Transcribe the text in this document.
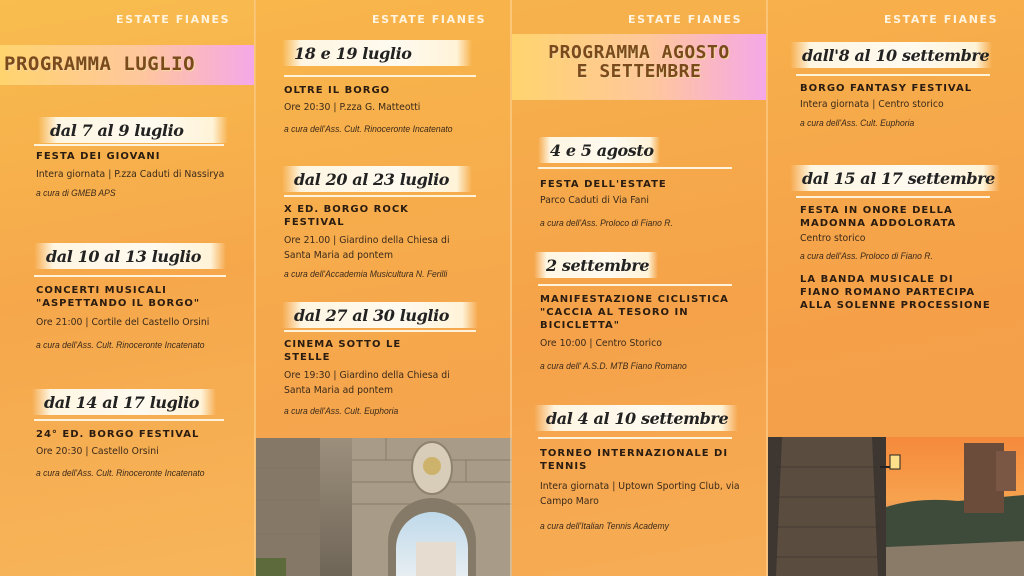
ESTATE FIANES
PROGRAMMA LUGLIO
dal 7 al 9 luglio
FESTA DEI GIOVANI
Intera giornata | P.zza Caduti di Nassirya
a cura di GMEB APS
dal 10 al 13 luglio
CONCERTI MUSICALI "ASPETTANDO IL BORGO"
Ore 21:00 | Cortile del Castello Orsini
a cura dell'Ass. Cult. Rinoceronte Incatenato
dal 14 al 17 luglio
24° ED. BORGO FESTIVAL
Ore 20:30 | Castello Orsini
a cura dell'Ass. Cult. Rinoceronte Incatenato
ESTATE FIANES
18 e 19 luglio
OLTRE IL BORGO
Ore 20:30 | P.zza G. Matteotti
a cura dell'Ass. Cult. Rinoceronte Incatenato
dal 20 al 23 luglio
X ED. BORGO ROCK FESTIVAL
Ore 21.00 | Giardino della Chiesa di Santa Maria ad pontem
a cura dell'Accademia Musicultura N. Ferilli
dal 27 al 30 luglio
CINEMA SOTTO LE STELLE
Ore 19:30 | Giardino della Chiesa di Santa Maria ad pontem
a cura dell'Ass. Cult. Euphoria
ESTATE FIANES
PROGRAMMA AGOSTO
E SETTEMBRE
4 e 5 agosto
FESTA DELL'ESTATE
Parco Caduti di Via Fani
a cura dell'Ass. Proloco di Fiano R.
2 settembre
MANIFESTAZIONE CICLISTICA "CACCIA AL TESORO IN BICICLETTA"
Ore 10:00 | Centro Storico
a cura dell' A.S.D. MTB Fiano Romano
dal 4 al 10 settembre
TORNEO INTERNAZIONALE DI TENNIS
Intera giornata | Uptown Sporting Club, via Campo Maro
a cura dell'Italian Tennis Academy
ESTATE FIANES
dall'8 al 10 settembre
BORGO FANTASY FESTIVAL
Intera giornata | Centro storico
a cura dell'Ass. Cult. Euphoria
dal 15 al 17 settembre
FESTA IN ONORE DELLA MADONNA ADDOLORATA
Centro storico
a cura dell'Ass. Proloco di Fiano R.
LA BANDA MUSICALE DI FIANO ROMANO PARTECIPA ALLA SOLENNE PROCESSIONE
